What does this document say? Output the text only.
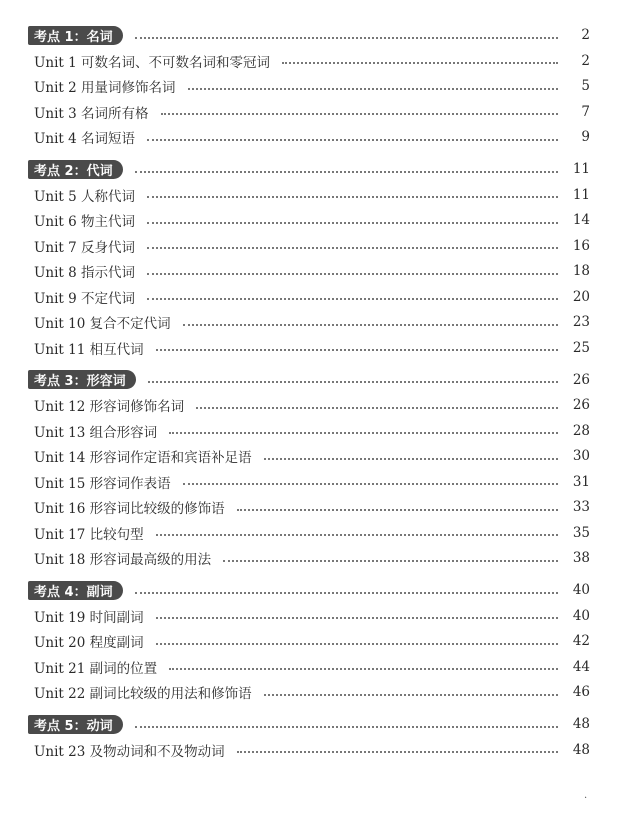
考点 1：名词	2
Unit 1 可数名词、不可数名词和零冠词	2
Unit 2 用量词修饰名词	5
Unit 3 名词所有格	7
Unit 4 名词短语	9
考点 2：代词	11
Unit 5 人称代词	11
Unit 6 物主代词	14
Unit 7 反身代词	16
Unit 8 指示代词	18
Unit 9 不定代词	20
Unit 10 复合不定代词	23
Unit 11 相互代词	25
考点 3：形容词	26
Unit 12 形容词修饰名词	26
Unit 13 组合形容词	28
Unit 14 形容词作定语和宾语补足语	30
Unit 15 形容词作表语	31
Unit 16 形容词比较级的修饰语	33
Unit 17 比较句型	35
Unit 18 形容词最高级的用法	38
考点 4：副词	40
Unit 19 时间副词	40
Unit 20 程度副词	42
Unit 21 副词的位置	44
Unit 22 副词比较级的用法和修饰语	46
考点 5：动词	48
Unit 23 及物动词和不及物动词	48
.
